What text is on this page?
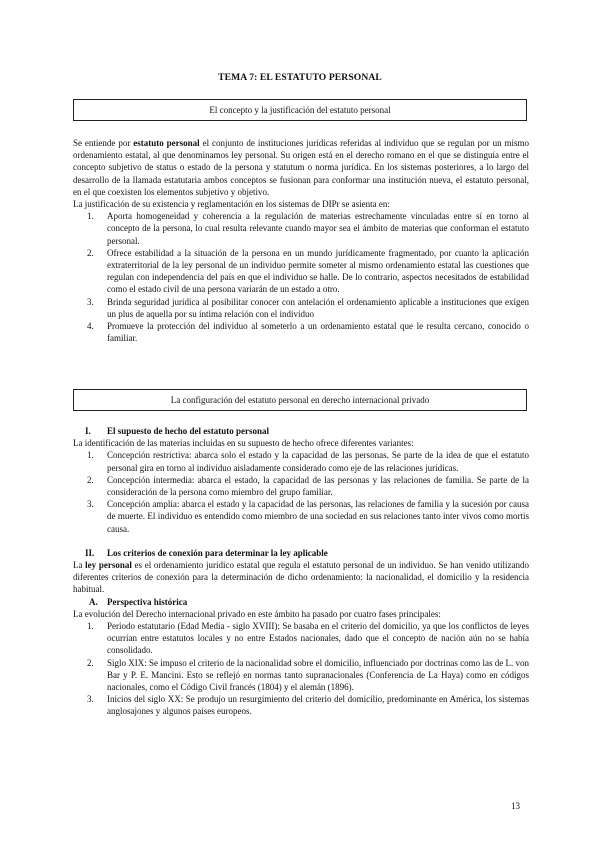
TEMA 7: EL ESTATUTO PERSONAL
El concepto y la justificación del estatuto personal

Se entiende por estatuto personal el conjunto de instituciones jurídicas referidas al individuo que se regulan por un mismo ordenamiento estatal, al que denominamos ley personal. Su origen está en el derecho romano en el que se distinguía entre el concepto subjetivo de status o estado de la persona y statutum o norma jurídica. En los sistemas posteriores, a lo largo del desarrollo de la llamada estatutaria ambos conceptos se fusionan para conformar una institución nueva, el estatuto personal, en el que coexisten los elementos subjetivo y objetivo.

La justificación de su existencia y reglamentación en los sistemas de DIPr se asienta en:

1. Aporta homogeneidad y coherencia a la regulación de materias estrechamente vinculadas entre sí en torno al concepto de la persona, lo cual resulta relevante cuando mayor sea el ámbito de materias que conforman el estatuto personal.
2. Ofrece estabilidad a la situación de la persona en un mundo jurídicamente fragmentado, por cuanto la aplicación extraterritorial de la ley personal de un individuo permite someter al mismo ordenamiento estatal las cuestiones que regulan con independencia del país en que el individuo se halle. De lo contrario, aspectos necesitados de estabilidad como el estado civil de una persona variarán de un estado a otro.
3. Brinda seguridad jurídica al posibilitar conocer con antelación el ordenamiento aplicable a instituciones que exigen un plus de aquella por su íntima relación con el individuo
4. Promueve la protección del individuo al someterlo a un ordenamiento estatal que le resulta cercano, conocido o familiar.
La configuración del estatuto personal en derecho internacional privado
I. El supuesto de hecho del estatuto personal

La identificación de las materias incluidas en su supuesto de hecho ofrece diferentes variantes:

1. Concepción restrictiva: abarca solo el estado y la capacidad de las personas. Se parte de la idea de que el estatuto personal gira en torno al individuo aisladamente considerado como eje de las relaciones jurídicas.
2. Concepción intermedia: abarca el estado, la capacidad de las personas y las relaciones de familia. Se parte de la consideración de la persona como miembro del grupo familiar.
3. Concepción amplia: abarca el estado y la capacidad de las personas, las relaciones de familia y la sucesión por causa de muerte. El individuo es entendido como miembro de una sociedad en sus relaciones tanto inter vivos como mortis causa.
II. Los criterios de conexión para determinar la ley aplicable

La ley personal es el ordenamiento jurídico estatal que regula el estatuto personal de un individuo. Se han venido utilizando diferentes criterios de conexión para la determinación de dicho ordenamiento: la nacionalidad, el domicilio y la residencia habitual.

A. Perspectiva histórica

La evolución del Derecho internacional privado en este ámbito ha pasado por cuatro fases principales:

1. Periodo estatutario (Edad Media - siglo XVIII): Se basaba en el criterio del domicilio, ya que los conflictos de leyes ocurrían entre estatutos locales y no entre Estados nacionales, dado que el concepto de nación aún no se había consolidado.
2. Siglo XIX: Se impuso el criterio de la nacionalidad sobre el domicilio, influenciado por doctrinas como las de L. von Bar y P. E. Mancini. Esto se reflejó en normas tanto supranacionales (Conferencia de La Haya) como en códigos nacionales, como el Código Civil francés (1804) y el alemán (1896).
3. Inicios del siglo XX: Se produjo un resurgimiento del criterio del domicilio, predominante en América, los sistemas anglosajones y algunos países europeos.
13
